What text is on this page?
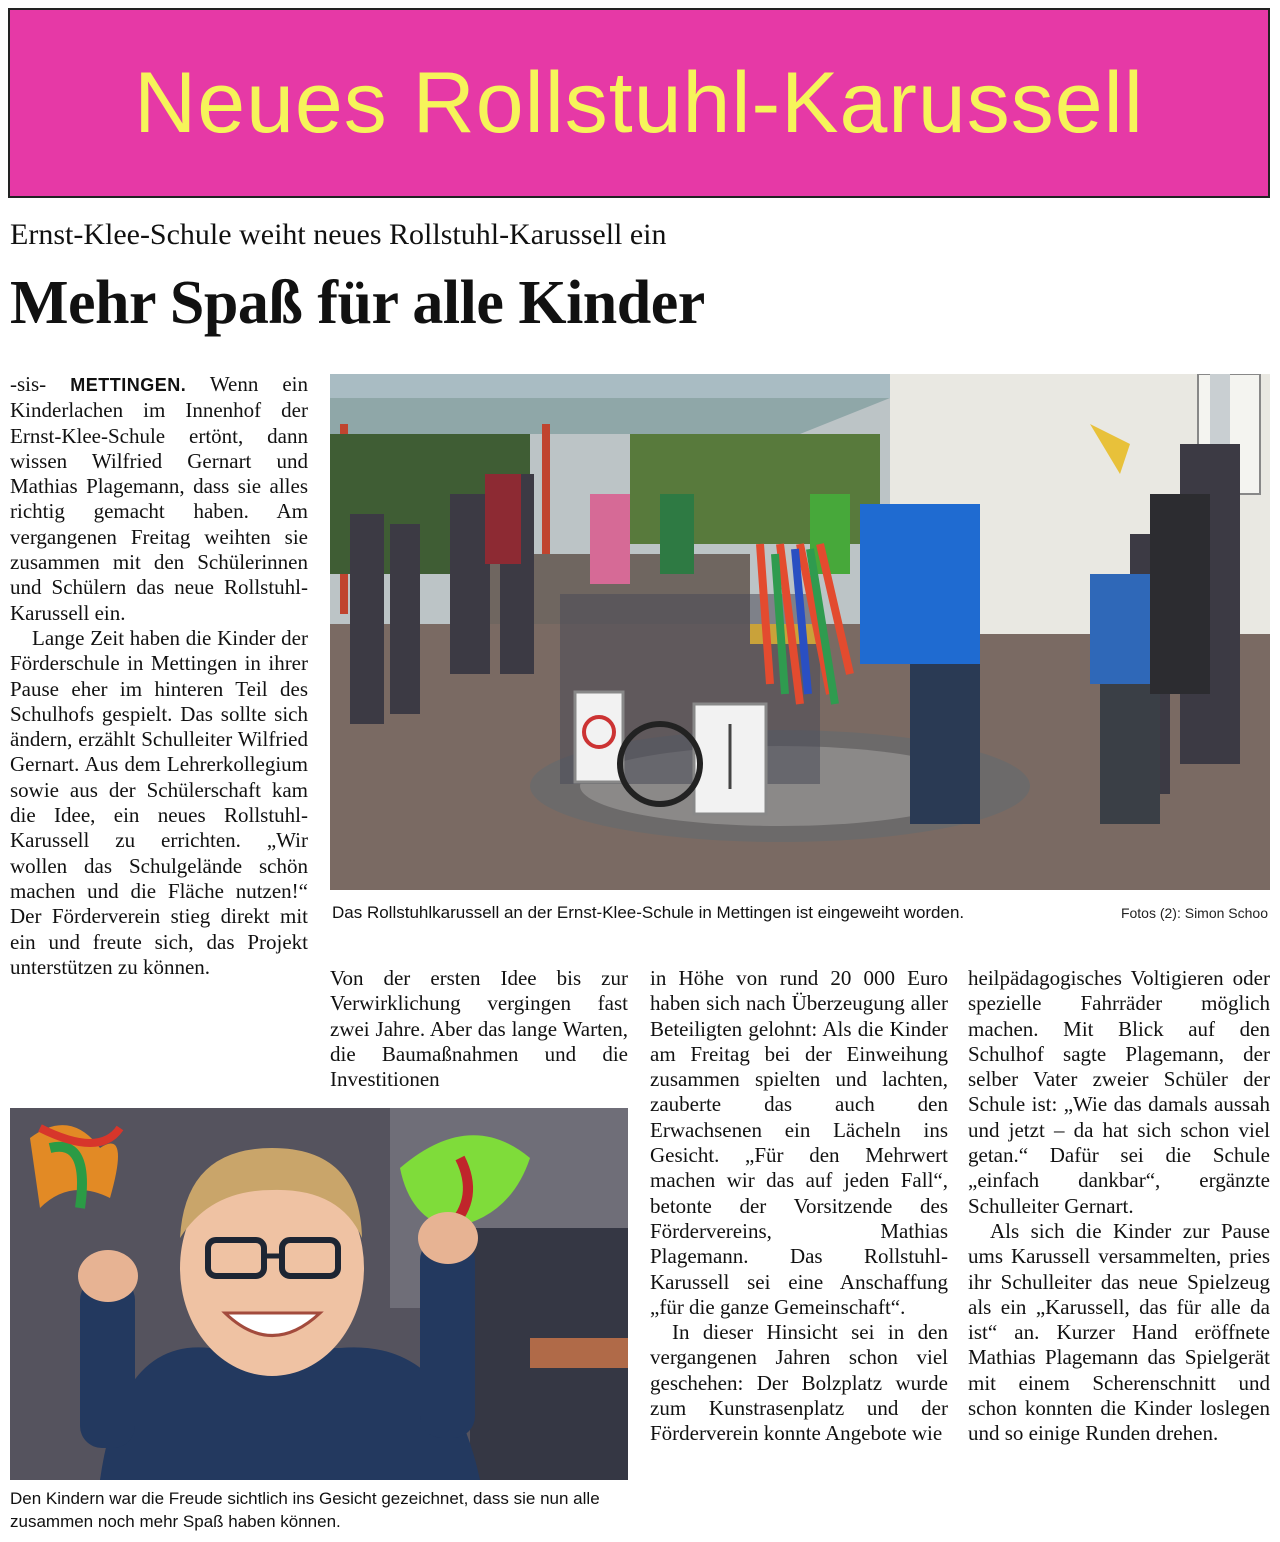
Neues Rollstuhl-Karussell
Ernst-Klee-Schule weiht neues Rollstuhl-Karussell ein
Mehr Spaß für alle Kinder

-sis- METTINGEN. Wenn ein Kinderlachen im Innenhof der Ernst-Klee-Schule ertönt, dann wissen Wilfried Gernart und Mathias Plagemann, dass sie alles richtig gemacht haben. Am vergangenen Freitag weihten sie zusammen mit den Schülerinnen und Schülern das neue Rollstuhl-Karussell ein.

Lange Zeit haben die Kinder der Förderschule in Mettingen in ihrer Pause eher im hinteren Teil des Schulhofs gespielt. Das sollte sich ändern, erzählt Schulleiter Wilfried Gernart. Aus dem Lehrerkollegium sowie aus der Schülerschaft kam die Idee, ein neues Rollstuhl-Karussell zu errichten. „Wir wollen das Schulgelände schön machen und die Fläche nutzen!“ Der Förderverein stieg direkt mit ein und freute sich, das Projekt unterstützen zu können.

Das Rollstuhlkarussell an der Ernst-Klee-Schule in Mettingen ist eingeweiht worden.	Fotos (2): Simon Schoo

Von der ersten Idee bis zur Verwirklichung vergingen fast zwei Jahre. Aber das lange Warten, die Baumaßnahmen und die Investitionen

in Höhe von rund 20 000 Euro haben sich nach Überzeugung aller Beteiligten gelohnt: Als die Kinder am Freitag bei der Einweihung zusammen spielten und lachten, zauberte das auch den Erwachsenen ein Lächeln ins Gesicht. „Für den Mehrwert machen wir das auf jeden Fall“, betonte der Vorsitzende des Fördervereins, Mathias Plagemann. Das Rollstuhl-Karussell sei eine Anschaffung „für die ganze Gemeinschaft“.

In dieser Hinsicht sei in den vergangenen Jahren schon viel geschehen: Der Bolzplatz wurde zum Kunstrasenplatz und der Förderverein konnte Angebote wie

heilpädagogisches Voltigieren oder spezielle Fahrräder möglich machen. Mit Blick auf den Schulhof sagte Plagemann, der selber Vater zweier Schüler der Schule ist: „Wie das damals aussah und jetzt – da hat sich schon viel getan.“ Dafür sei die Schule „einfach dankbar“, ergänzte Schulleiter Gernart.

Als sich die Kinder zur Pause ums Karussell versammelten, pries ihr Schulleiter das neue Spielzeug als ein „Karussell, das für alle da ist“ an. Kurzer Hand eröffnete Mathias Plagemann das Spielgerät mit einem Scherenschnitt und schon konnten die Kinder loslegen und so einige Runden drehen.

Den Kindern war die Freude sichtlich ins Gesicht gezeichnet, dass sie nun alle zusammen noch mehr Spaß haben können.
